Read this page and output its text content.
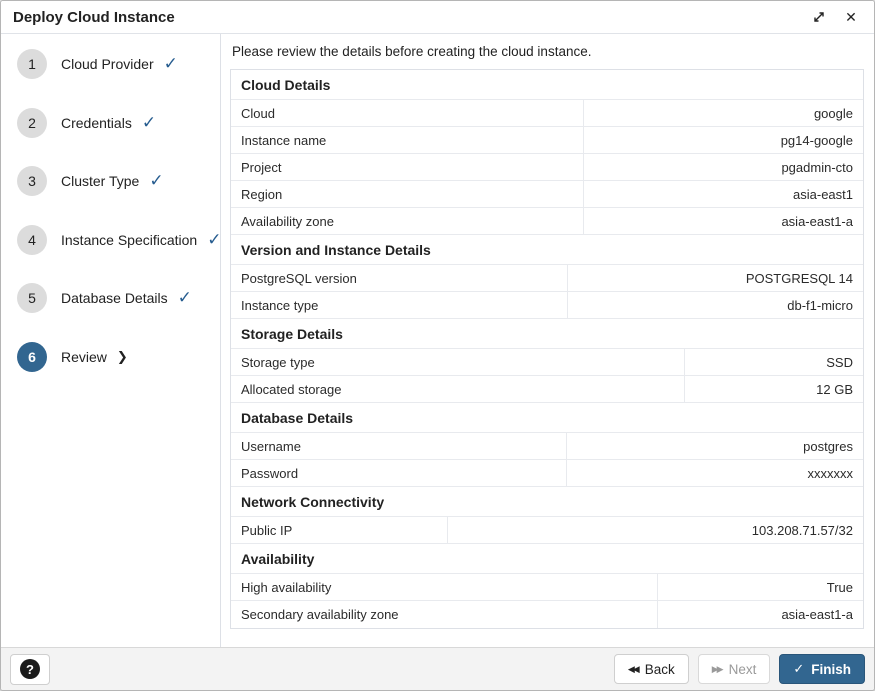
Deploy Cloud Instance	✕
1	Cloud Provider ✓
2	Credentials ✓
3	Cluster Type ✓
4	Instance Specification ✓
5	Database Details ✓
6	Review ❯
Please review the details before creating the cloud instance.
Cloud Details
Cloud	google
Instance name	pg14-google
Project	pgadmin-cto
Region	asia-east1
Availability zone	asia-east1-a
Version and Instance Details
PostgreSQL version	POSTGRESQL 14
Instance type	db-f1-micro
Storage Details
Storage type	SSD
Allocated storage	12 GB
Database Details
Username	postgres
Password	xxxxxxx
Network Connectivity
Public IP	103.208.71.57/32
Availability
High availability	True
Secondary availability zone	asia-east1-a
?	◀◀ Back	▶▶ Next	✓ Finish
